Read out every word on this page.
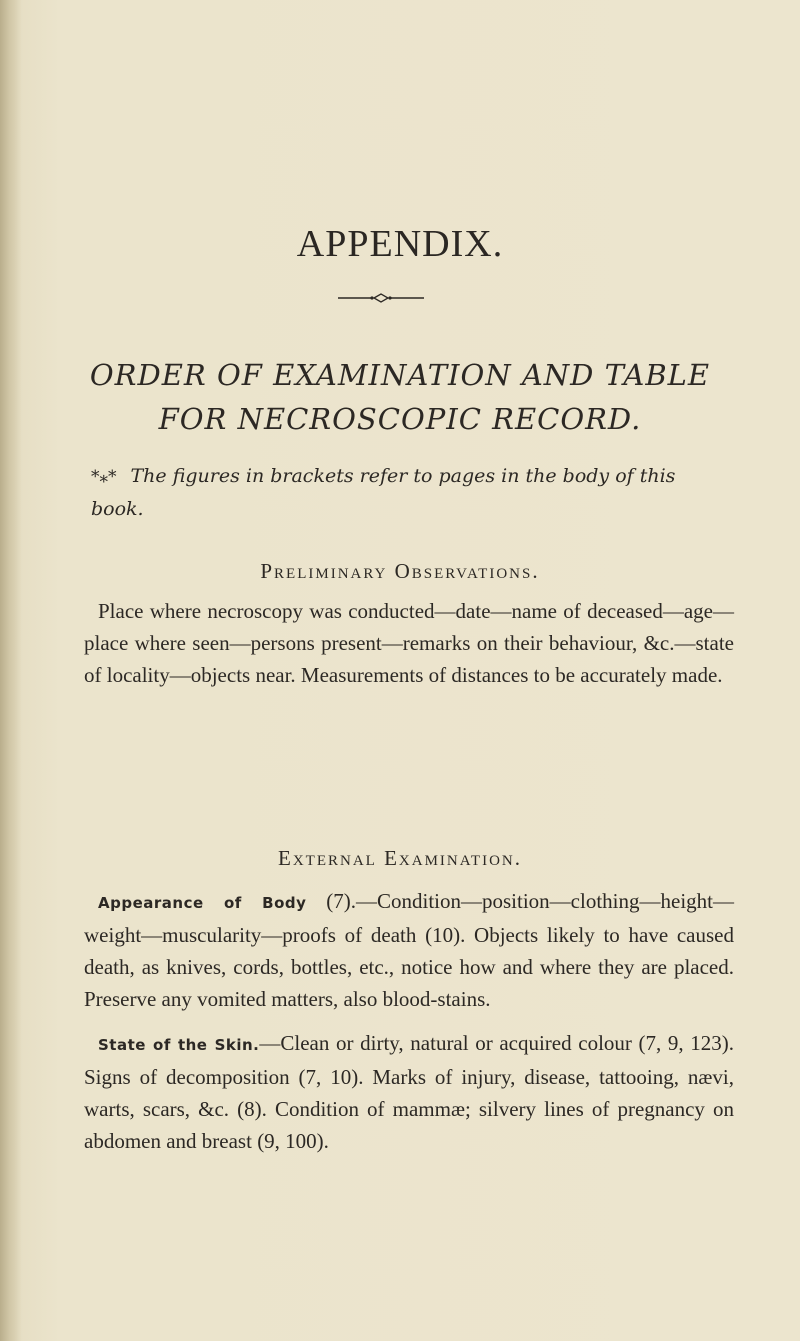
APPENDIX.
ORDER OF EXAMINATION AND TABLE
FOR NECROSCOPIC RECORD.
*⁎* The figures in brackets refer to pages in the body of this book.
Preliminary Observations.
Place where necroscopy was conducted—date—name of deceased—age—place where seen—persons present—remarks on their behaviour, &c.—state of locality—objects near. Measurements of distances to be accurately made.
External Examination.
Appearance of Body (7).—Condition—position—clothing—height—weight—muscularity—proofs of death (10). Objects likely to have caused death, as knives, cords, bottles, etc., notice how and where they are placed. Preserve any vomited matters, also blood-stains.
State of the Skin.—Clean or dirty, natural or acquired colour (7, 9, 123). Signs of decomposition (7, 10). Marks of injury, disease, tattooing, nævi, warts, scars, &c. (8). Condition of mammæ; silvery lines of pregnancy on abdomen and breast (9, 100).
